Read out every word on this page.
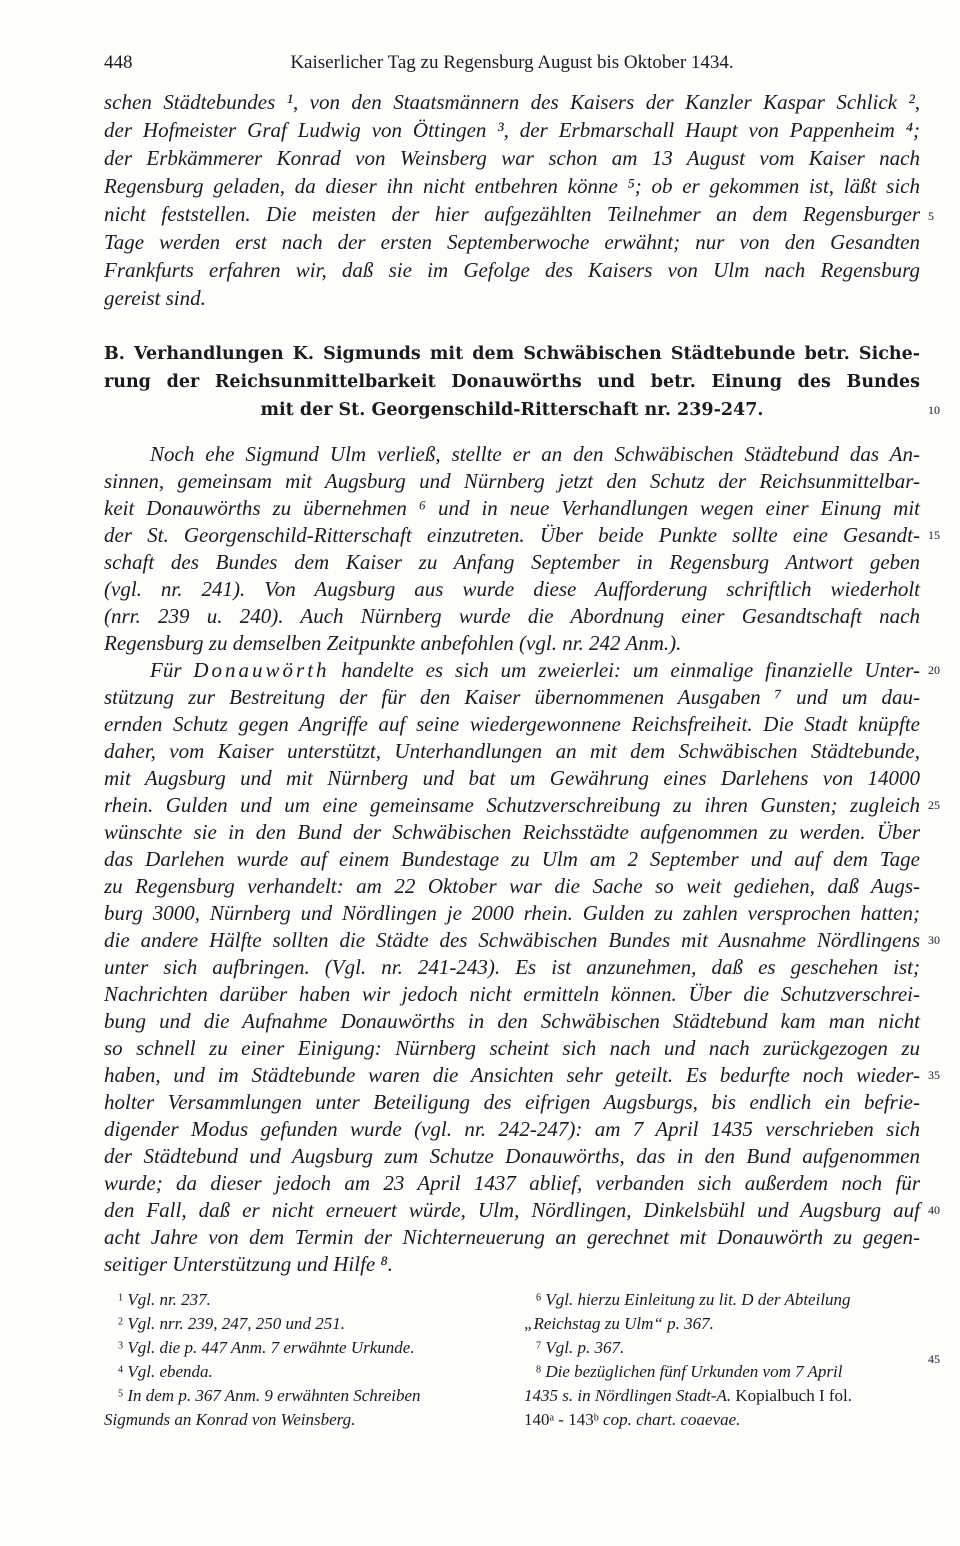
448	Kaiserlicher Tag zu Regensburg August bis Oktober 1434.
schen Städtebundes ¹, von den Staatsmännern des Kaisers der Kanzler Kaspar Schlick ²,
der Hofmeister Graf Ludwig von Öttingen ³, der Erbmarschall Haupt von Pappenheim ⁴;
der Erbkämmerer Konrad von Weinsberg war schon am 13 August vom Kaiser nach
Regensburg geladen, da dieser ihn nicht entbehren könne ⁵; ob er gekommen ist, läßt sich
nicht feststellen. Die meisten der hier aufgezählten Teilnehmer an dem Regensburger
Tage werden erst nach der ersten Septemberwoche erwähnt; nur von den Gesandten
Frankfurts erfahren wir, daß sie im Gefolge des Kaisers von Ulm nach Regensburg
gereist sind.
B. Verhandlungen K. Sigmunds mit dem Schwäbischen Städtebunde betr. Siche-
rung der Reichsunmittelbarkeit Donauwörths und betr. Einung des Bundes
mit der St. Georgenschild-Ritterschaft nr. 239-247.
Noch ehe Sigmund Ulm verließ, stellte er an den Schwäbischen Städtebund das An-
sinnen, gemeinsam mit Augsburg und Nürnberg jetzt den Schutz der Reichsunmittelbar-
keit Donauwörths zu übernehmen ⁶ und in neue Verhandlungen wegen einer Einung mit
der St. Georgenschild-Ritterschaft einzutreten. Über beide Punkte sollte eine Gesandt-
schaft des Bundes dem Kaiser zu Anfang September in Regensburg Antwort geben
(vgl. nr. 241). Von Augsburg aus wurde diese Aufforderung schriftlich wiederholt
(nrr. 239 u. 240). Auch Nürnberg wurde die Abordnung einer Gesandtschaft nach
Regensburg zu demselben Zeitpunkte anbefohlen (vgl. nr. 242 Anm.).
Für Donauwörth handelte es sich um zweierlei: um einmalige finanzielle Unter-
stützung zur Bestreitung der für den Kaiser übernommenen Ausgaben ⁷ und um dau-
ernden Schutz gegen Angriffe auf seine wiedergewonnene Reichsfreiheit. Die Stadt knüpfte
daher, vom Kaiser unterstützt, Unterhandlungen an mit dem Schwäbischen Städtebunde,
mit Augsburg und mit Nürnberg und bat um Gewährung eines Darlehens von 14000
rhein. Gulden und um eine gemeinsame Schutzverschreibung zu ihren Gunsten; zugleich
wünschte sie in den Bund der Schwäbischen Reichsstädte aufgenommen zu werden. Über
das Darlehen wurde auf einem Bundestage zu Ulm am 2 September und auf dem Tage
zu Regensburg verhandelt: am 22 Oktober war die Sache so weit gediehen, daß Augs-
burg 3000, Nürnberg und Nördlingen je 2000 rhein. Gulden zu zahlen versprochen hatten;
die andere Hälfte sollten die Städte des Schwäbischen Bundes mit Ausnahme Nördlingens
unter sich aufbringen. (Vgl. nr. 241-243). Es ist anzunehmen, daß es geschehen ist;
Nachrichten darüber haben wir jedoch nicht ermitteln können. Über die Schutzverschrei-
bung und die Aufnahme Donauwörths in den Schwäbischen Städtebund kam man nicht
so schnell zu einer Einigung: Nürnberg scheint sich nach und nach zurückgezogen zu
haben, und im Städtebunde waren die Ansichten sehr geteilt. Es bedurfte noch wieder-
holter Versammlungen unter Beteiligung des eifrigen Augsburgs, bis endlich ein befrie-
digender Modus gefunden wurde (vgl. nr. 242-247): am 7 April 1435 verschrieben sich
der Städtebund und Augsburg zum Schutze Donauwörths, das in den Bund aufgenommen
wurde; da dieser jedoch am 23 April 1437 ablief, verbanden sich außerdem noch für
den Fall, daß er nicht erneuert würde, Ulm, Nördlingen, Dinkelsbühl und Augsburg auf
acht Jahre von dem Termin der Nichterneuerung an gerechnet mit Donauwörth zu gegen-
seitiger Unterstützung und Hilfe ⁸.
5
10
15
20
25
30
35
40
45
$^1$ Vgl. nr. 237.
$^2$ Vgl. nrr. 239, 247, 250 und 251.
$^3$ Vgl. die p. 447 Anm. 7 erwähnte Urkunde.
$^4$ Vgl. ebenda.
$^5$ In dem p. 367 Anm. 9 erwähnten Schreiben
Sigmunds an Konrad von Weinsberg.
$^6$ Vgl. hierzu Einleitung zu lit. D der Abteilung
„Reichstag zu Ulm“ p. 367.
$^7$ Vgl. p. 367.
$^8$ Die bezüglichen fünf Urkunden vom 7 April
1435 s. in Nördlingen Stadt-A. Kopialbuch I fol.
140$^a$ - 143$^b$ cop. chart. coaevae.
